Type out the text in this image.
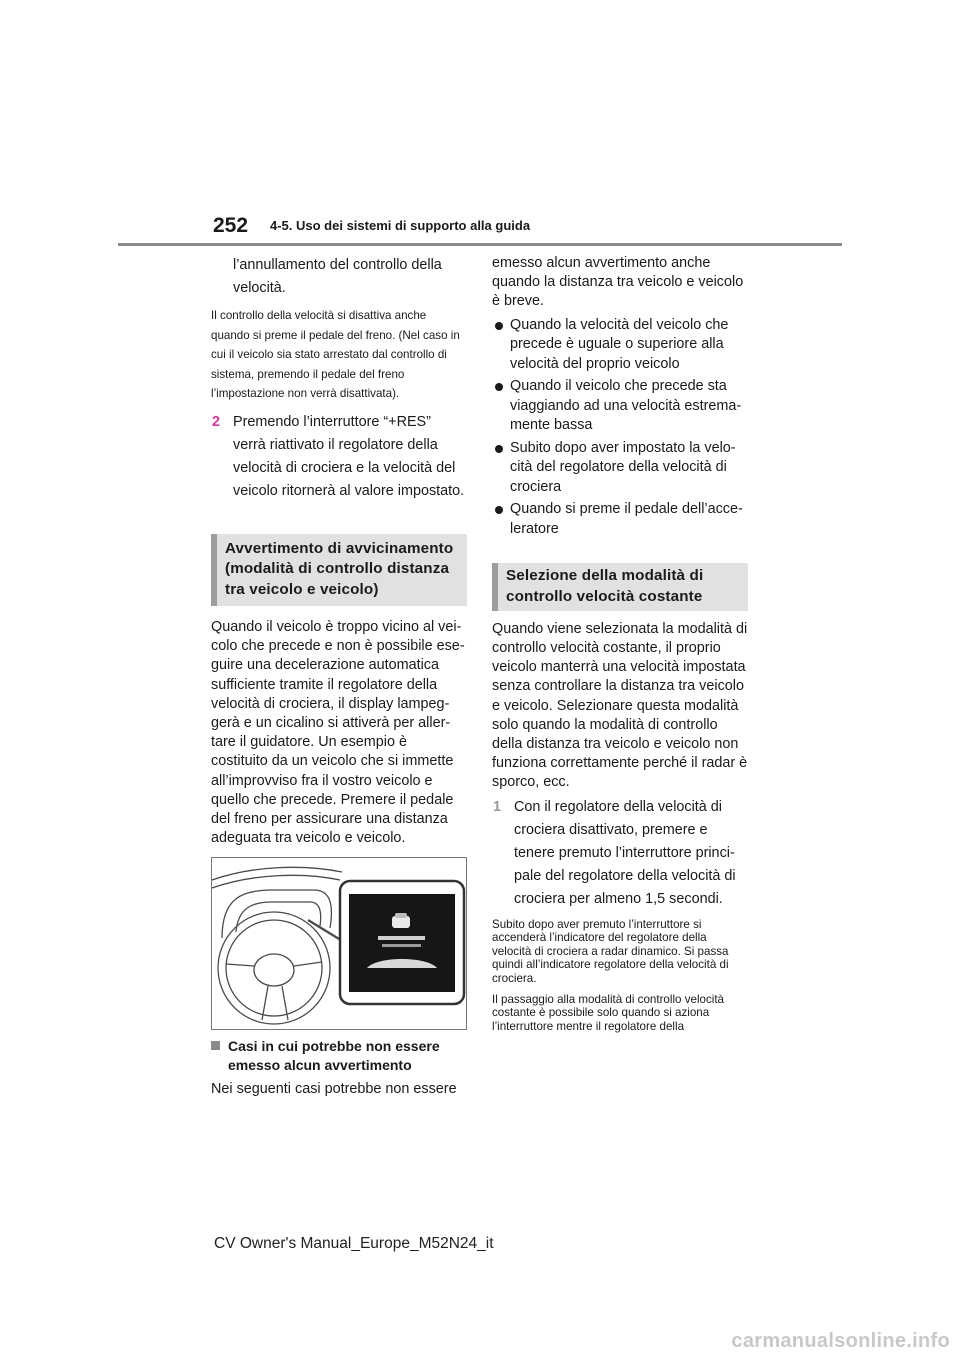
252 4-5. Uso dei sistemi di supporto alla guida

l’annullamento del controllo della

velocità.

Il controllo della velocità si disattiva anche quando si preme il pedale del freno. (Nel caso in cui il veicolo sia stato arrestato dal controllo di sistema, premendo il pedale del freno l’impostazione non verrà disattivata).

2 Premendo l’interruttore “+RES” verrà riattivato il regolatore della velocità di crociera e la velocità del veicolo ritornerà al valore impostato.
Avvertimento di avvicinamento (modalità di controllo distanza tra veicolo e veicolo)

Quando il veicolo è troppo vicino al veicolo che precede e non è possibile eseguire una decelerazione automatica sufficiente tramite il regolatore della velocità di crociera, il display lampeggerà e un cicalino si attiverà per allertare il guidatore. Un esempio è costituito da un veicolo che si immette all’improvviso fra il vostro veicolo e quello che precede. Premere il pedale del freno per assicurare una distanza adeguata tra veicolo e veicolo.

Casi in cui potrebbe non essere emesso alcun avvertimento

Nei seguenti casi potrebbe non essere

emesso alcun avvertimento anche quando la distanza tra veicolo e veicolo è breve.

Quando la velocità del veicolo che precede è uguale o superiore alla velocità del proprio veicolo

Quando il veicolo che precede sta viaggiando ad una velocità estremamente bassa

Subito dopo aver impostato la velocità del regolatore della velocità di crociera

Quando si preme il pedale dell’acceleratore

Selezione della modalità di controllo velocità costante

Quando viene selezionata la modalità di controllo velocità costante, il proprio veicolo manterrà una velocità impostata senza controllare la distanza tra veicolo e veicolo. Selezionare questa modalità solo quando la modalità di controllo della distanza tra veicolo e veicolo non funziona correttamente perché il radar è sporco, ecc.

1 Con il regolatore della velocità di crociera disattivato, premere e tenere premuto l’interruttore principale del regolatore della velocità di crociera per almeno 1,5 secondi.

Subito dopo aver premuto l’interruttore si accenderà l’indicatore del regolatore della velocità di crociera a radar dinamico. Si passa quindi all’indicatore regolatore della velocità di crociera.

Il passaggio alla modalità di controllo velocità costante è possibile solo quando si aziona l’interruttore mentre il regolatore della

CV Owner's Manual_Europe_M52N24_it
carmanualsonline.info
